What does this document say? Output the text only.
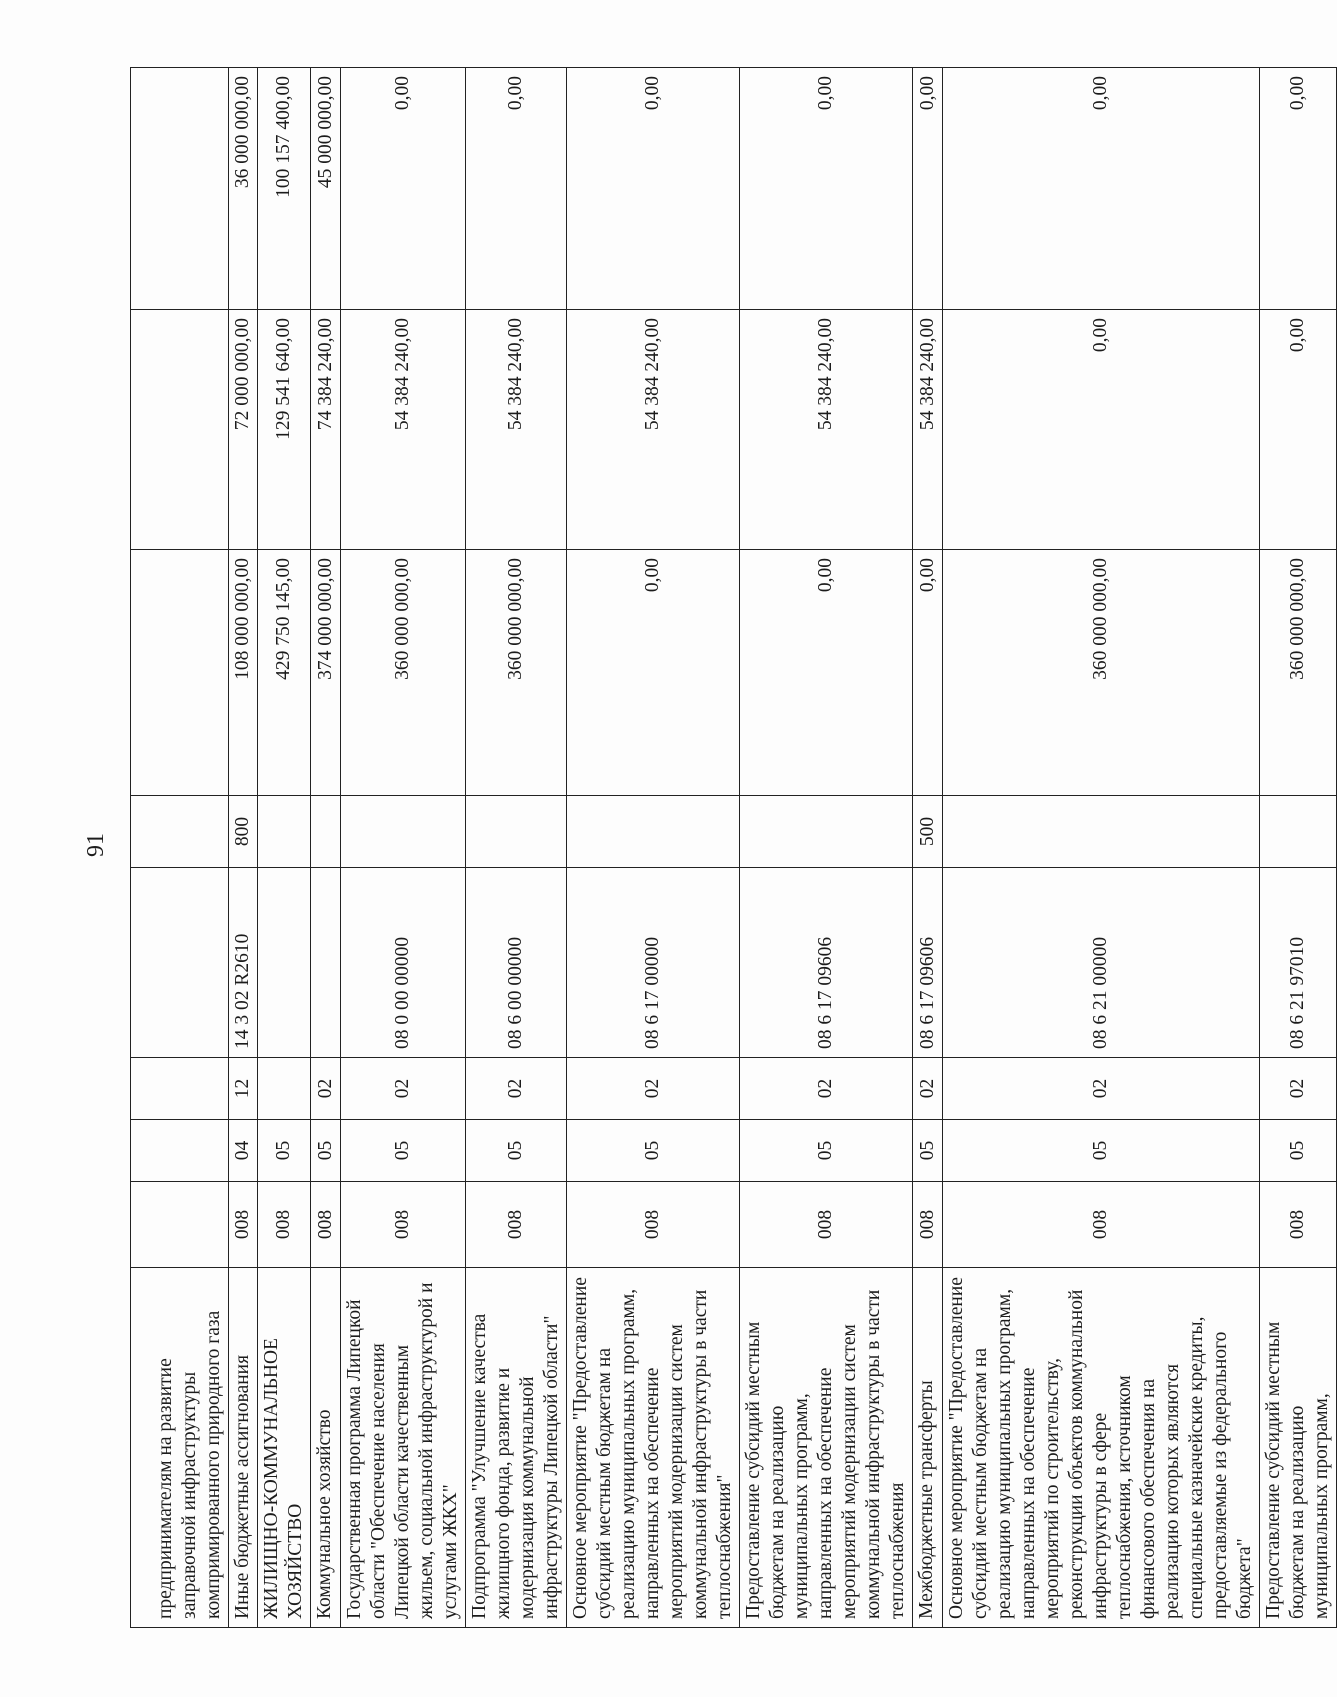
91
предпринимателям на развитие заправочной инфраструктуры компримированного природного газа								
Иные бюджетные ассигнования	008	04	12	14 3 02 R2610	800	108 000 000,00	72 000 000,00	36 000 000,00
ЖИЛИЩНО-КОММУНАЛЬНОЕ ХОЗЯЙСТВО	008	05				429 750 145,00	129 541 640,00	100 157 400,00
Коммунальное хозяйство	008	05	02			374 000 000,00	74 384 240,00	45 000 000,00
Государственная программа Липецкой области "Обеспечение населения Липецкой области качественным жильем, социальной инфраструктурой и услугами ЖКХ"	008	05	02	08 0 00 00000		360 000 000,00	54 384 240,00	0,00
Подпрограмма "Улучшение качества жилищного фонда, развитие и модернизация коммунальной инфраструктуры Липецкой области"	008	05	02	08 6 00 00000		360 000 000,00	54 384 240,00	0,00
Основное мероприятие "Предоставление субсидий местным бюджетам на реализацию муниципальных программ, направленных на обеспечение мероприятий модернизации систем коммунальной инфраструктуры в части теплоснабжения"	008	05	02	08 6 17 00000		0,00	54 384 240,00	0,00
Предоставление субсидий местным бюджетам на реализацию муниципальных программ, направленных на обеспечение мероприятий модернизации систем коммунальной инфраструктуры в части теплоснабжения	008	05	02	08 6 17 09606		0,00	54 384 240,00	0,00
Межбюджетные трансферты	008	05	02	08 6 17 09606	500	0,00	54 384 240,00	0,00
Основное мероприятие "Предоставление субсидий местным бюджетам на реализацию муниципальных программ, направленных на обеспечение мероприятий по строительству, реконструкции объектов коммунальной инфраструктуры в сфере теплоснабжения, источником финансового обеспечения на реализацию которых являются специальные казначейские кредиты, предоставляемые из федерального бюджета"	008	05	02	08 6 21 00000		360 000 000,00	0,00	0,00
Предоставление субсидий местным бюджетам на реализацию муниципальных программ,	008	05	02	08 6 21 97010		360 000 000,00	0,00	0,00
